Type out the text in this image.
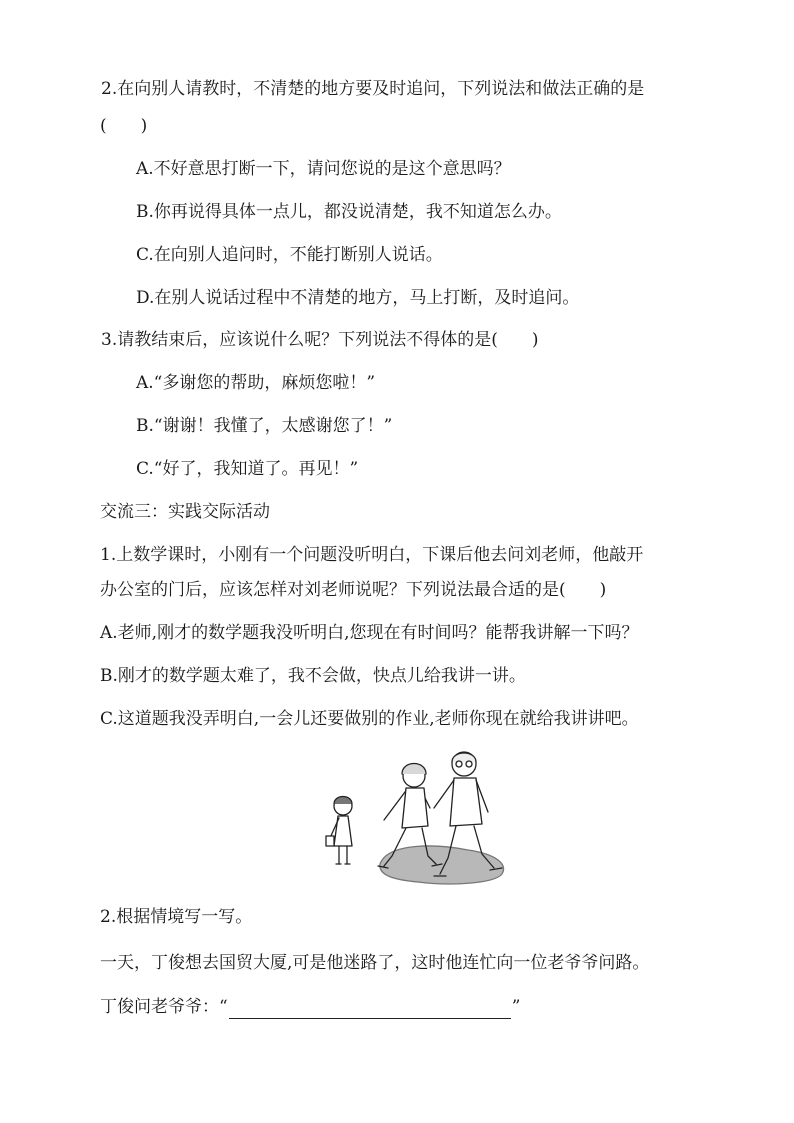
2.在向别人请教时，不清楚的地方要及时追问，下列说法和做法正确的是
(　　)
A.不好意思打断一下，请问您说的是这个意思吗？
B.你再说得具体一点儿，都没说清楚，我不知道怎么办。
C.在向别人追问时，不能打断别人说话。
D.在别人说话过程中不清楚的地方，马上打断，及时追问。
3.请教结束后，应该说什么呢？下列说法不得体的是(　　)
A.“多谢您的帮助，麻烦您啦！”
B.“谢谢！我懂了，太感谢您了！”
C.“好了，我知道了。再见！”
交流三：实践交际活动
1.上数学课时，小刚有一个问题没听明白，下课后他去问刘老师，他敲开
办公室的门后，应该怎样对刘老师说呢？下列说法最合适的是(　　)
A.老师,刚才的数学题我没听明白,您现在有时间吗？能帮我讲解一下吗？
B.刚才的数学题太难了，我不会做，快点儿给我讲一讲。
C.这道题我没弄明白,一会儿还要做别的作业,老师你现在就给我讲讲吧。
2.根据情境写一写。
一天，丁俊想去国贸大厦,可是他迷路了，这时他连忙向一位老爷爷问路。
丁俊问老爷爷：“	”
